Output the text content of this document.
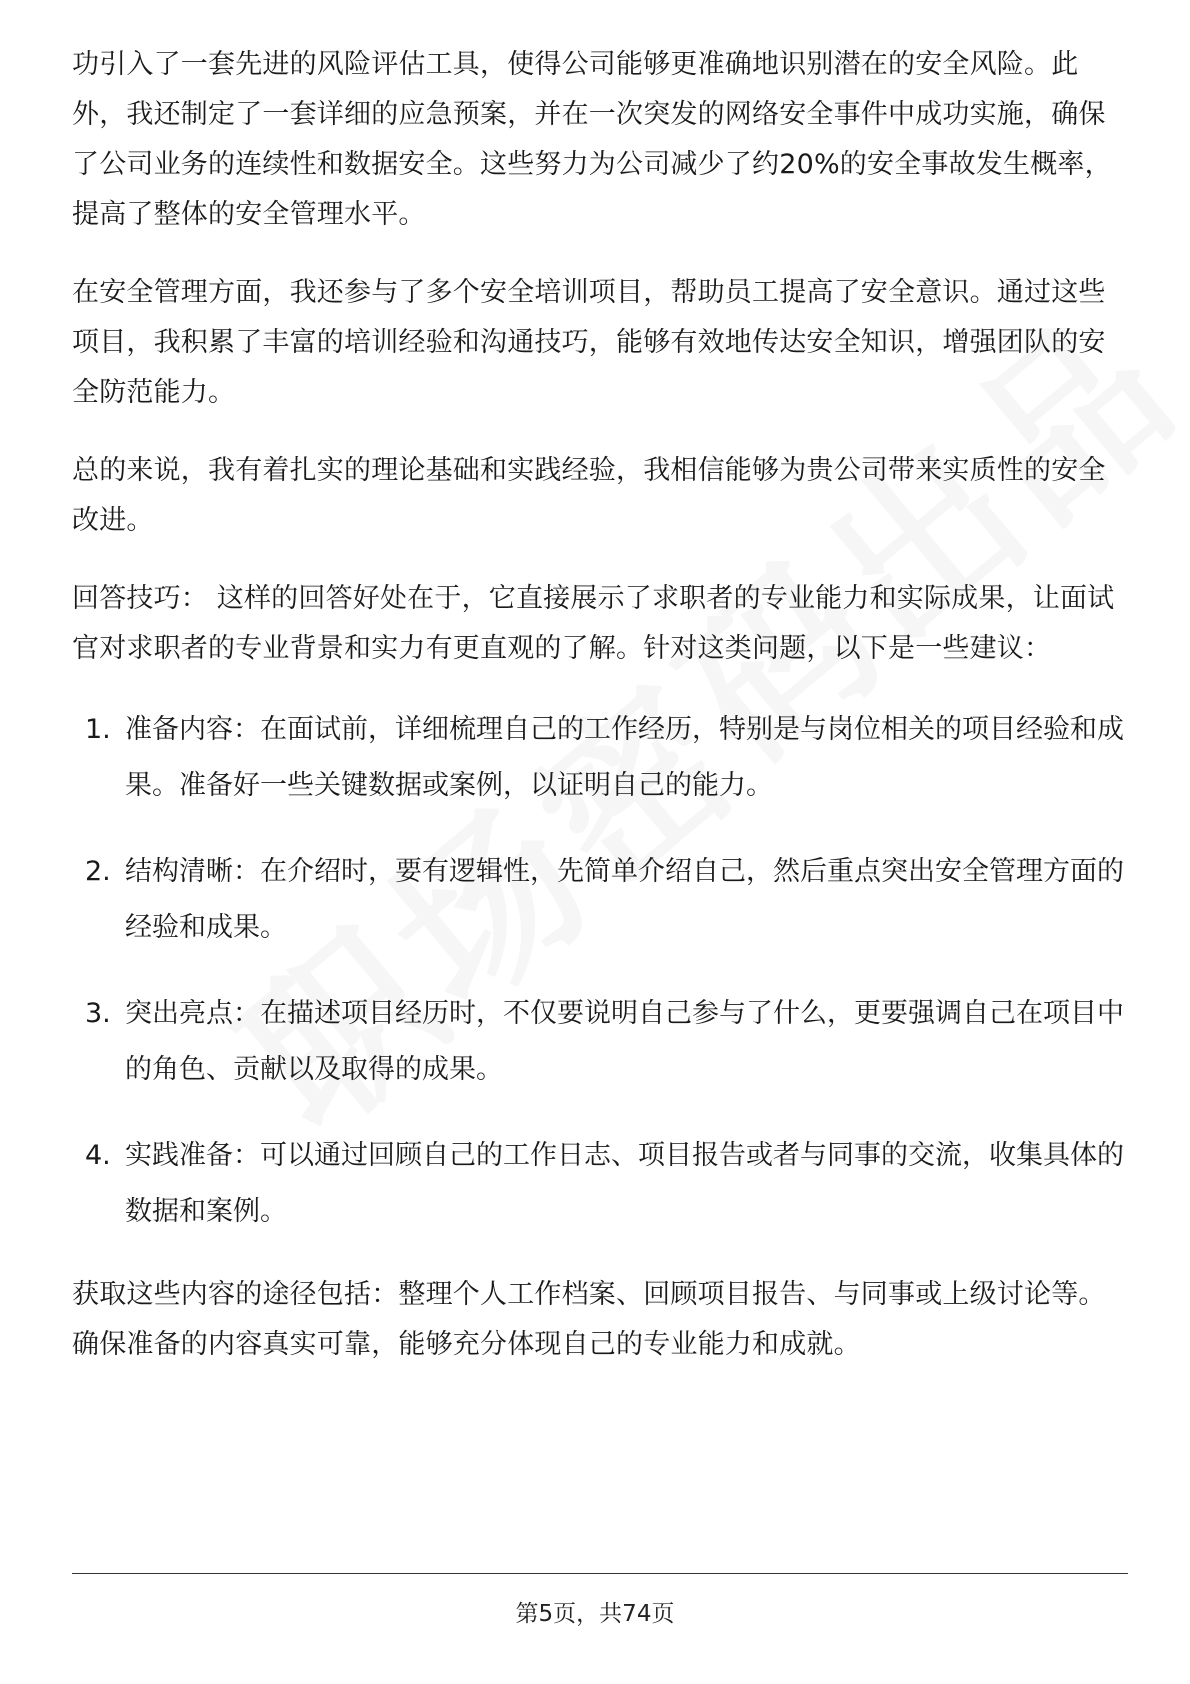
功引入了一套先进的风险评估工具，使得公司能够更准确地识别潜在的安全风险。此外，我还制定了一套详细的应急预案，并在一次突发的网络安全事件中成功实施，确保了公司业务的连续性和数据安全。这些努力为公司减少了约20%的安全事故发生概率，提高了整体的安全管理水平。

在安全管理方面，我还参与了多个安全培训项目，帮助员工提高了安全意识。通过这些项目，我积累了丰富的培训经验和沟通技巧，能够有效地传达安全知识，增强团队的安全防范能力。

总的来说，我有着扎实的理论基础和实践经验，我相信能够为贵公司带来实质性的安全改进。

回答技巧： 这样的回答好处在于，它直接展示了求职者的专业能力和实际成果，让面试官对求职者的专业背景和实力有更直观的了解。针对这类问题，以下是一些建议：

1. 准备内容：在面试前，详细梳理自己的工作经历，特别是与岗位相关的项目经验和成果。准备好一些关键数据或案例，以证明自己的能力。
2. 结构清晰：在介绍时，要有逻辑性，先简单介绍自己，然后重点突出安全管理方面的经验和成果。
3. 突出亮点：在描述项目经历时，不仅要说明自己参与了什么，更要强调自己在项目中的角色、贡献以及取得的成果。
4. 实践准备：可以通过回顾自己的工作日志、项目报告或者与同事的交流，收集具体的数据和案例。

获取这些内容的途径包括：整理个人工作档案、回顾项目报告、与同事或上级讨论等。确保准备的内容真实可靠，能够充分体现自己的专业能力和成就。

第5页，共74页
